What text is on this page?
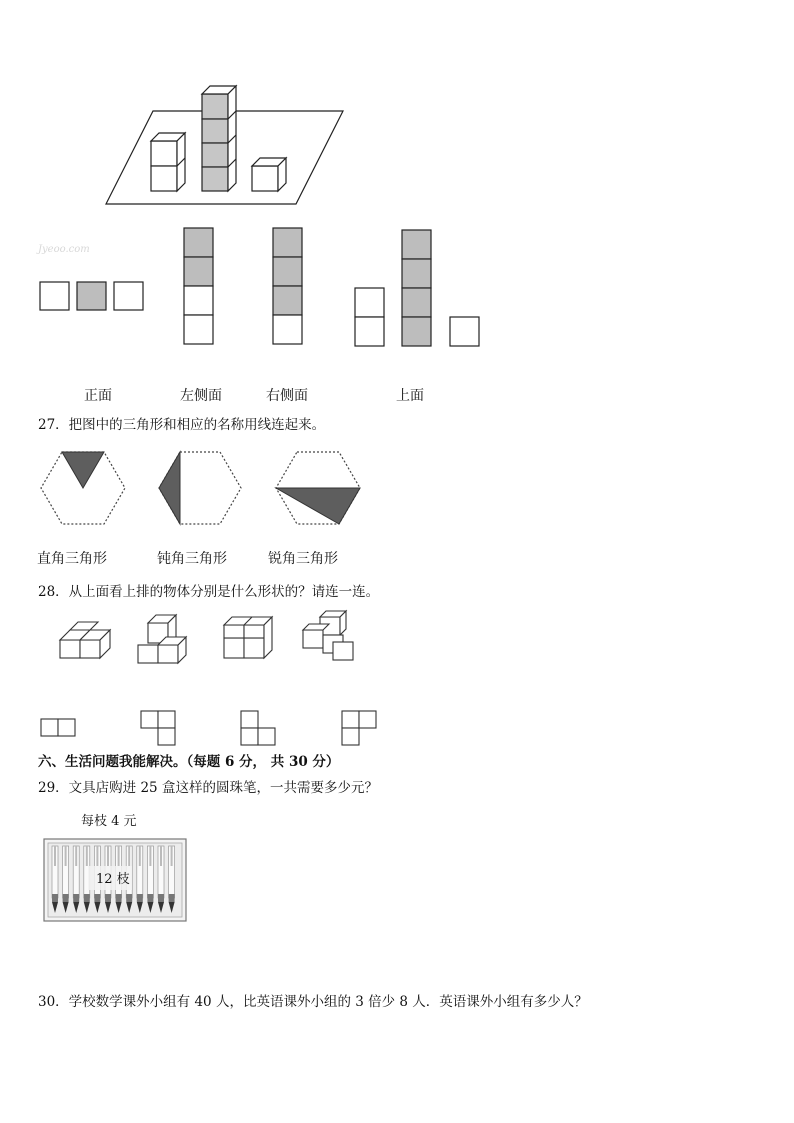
Jyeoo.com
正面	左侧面	右侧面	上面
27．把图中的三角形和相应的名称用线连起来。
直角三角形	钝角三角形	锐角三角形
28．从上面看上排的物体分别是什么形状的？请连一连。
六、生活问题我能解决。（每题 6 分， 共 30 分）
29．文具店购进 25 盒这样的圆珠笔，一共需要多少元？
每枝 4 元
12 枝
30．学校数学课外小组有 40 人，比英语课外小组的 3 倍少 8 人．英语课外小组有多少人？
